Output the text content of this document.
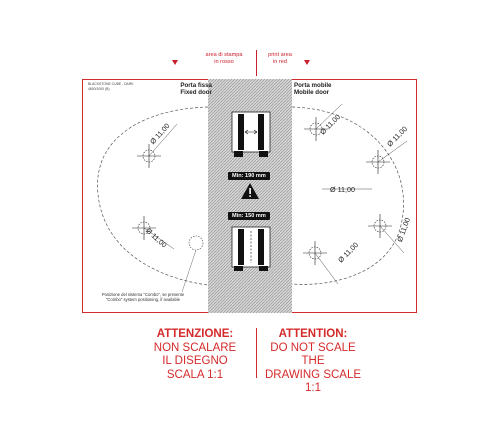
area di stampa
in rosso
print area
in red
BLACKSTONE CUBE - DARK
4600/1000 (B)	Porta fissa
Fixed door
Porta mobile
Mobile door
Min: 190 mm
Min: 150 mm
Ø 11,00
Ø 11,00
Ø 11,00	Ø 11,00
Ø 11,00
Ø 11,00
Ø 11,00
Posizione del sistema "Combo", se presente
"Combo" system positioning, if available
ATTENZIONE:
NON SCALARE
IL DISEGNO
SCALA 1:1
ATTENTION:
DO NOT SCALE THE
DRAWING SCALE 1:1
